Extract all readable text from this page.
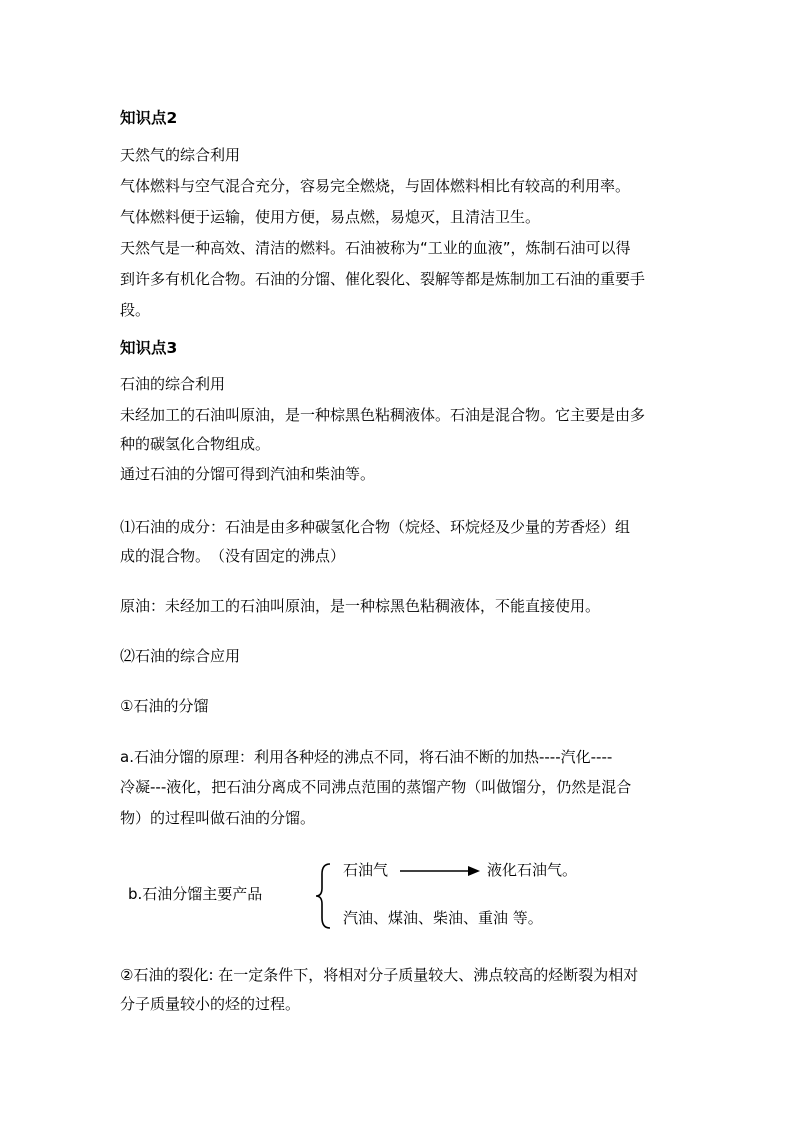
知识点2
天然气的综合利用
气体燃料与空气混合充分，容易完全燃烧，与固体燃料相比有较高的利用率。
气体燃料便于运输，使用方便，易点燃，易熄灭，且清洁卫生。
天然气是一种高效、清洁的燃料。石油被称为“工业的血液”，炼制石油可以得
到许多有机化合物。石油的分馏、催化裂化、裂解等都是炼制加工石油的重要手
段。
知识点3
石油的综合利用
未经加工的石油叫原油，是一种棕黑色粘稠液体。石油是混合物。它主要是由多
种的碳氢化合物组成。
通过石油的分馏可得到汽油和柴油等。
⑴石油的成分：石油是由多种碳氢化合物（烷烃、环烷烃及少量的芳香烃）组
成的混合物。　（没有固定的沸点）
原油：未经加工的石油叫原油，是一种棕黑色粘稠液体，不能直接使用。
⑵石油的综合应用
①石油的分馏
a.石油分馏的原理：利用各种烃的沸点不同，将石油不断的加热----汽化----
冷凝---液化，把石油分离成不同沸点范围的蒸馏产物（叫做馏分，仍然是混合
物）的过程叫做石油的分馏。
b.石油分馏主要产品
石油气	液化石油气。
汽油、煤油、柴油、重油 等。
②石油的裂化: 在一定条件下，将相对分子质量较大、沸点较高的烃断裂为相对
分子质量较小的烃的过程。
